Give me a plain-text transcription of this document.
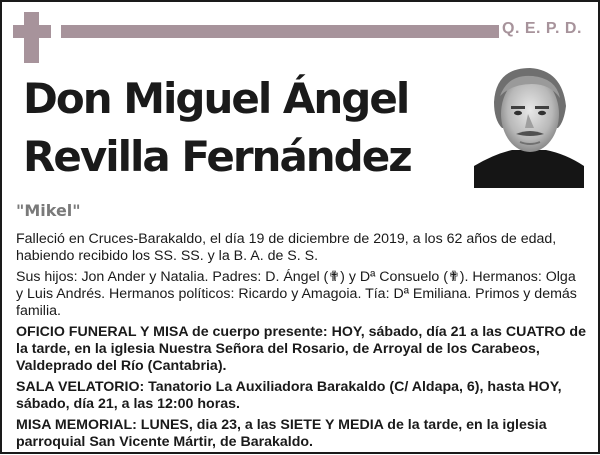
Q. E. P. D.
Don Miguel Ángel
Revilla Fernández
"Mikel"

Falleció en Cruces-Barakaldo, el día 19 de diciembre de 2019, a los 62 años de edad, habiendo recibido los SS. SS. y la B. A. de S. S.

Sus hijos: Jon Ander y Natalia. Padres: D. Ángel (✟) y Dª Consuelo (✟). Hermanos: Olga y Luis Andrés. Hermanos políticos: Ricardo y Amagoia. Tía: Dª Emiliana. Primos y demás familia.

OFICIO FUNERAL Y MISA de cuerpo presente: HOY, sábado, día 21 a las CUATRO de la tarde, en la iglesia Nuestra Señora del Rosario, de Arroyal de los Carabeos, Valdeprado del Río (Cantabria).

SALA VELATORIO: Tanatorio La Auxiliadora Barakaldo (C/ Aldapa, 6), hasta HOY, sábado, día 21, a las 12:00 horas.

MISA MEMORIAL: LUNES, dia 23, a las SIETE Y MEDIA de la tarde, en la iglesia parroquial San Vicente Mártir, de Barakaldo.
